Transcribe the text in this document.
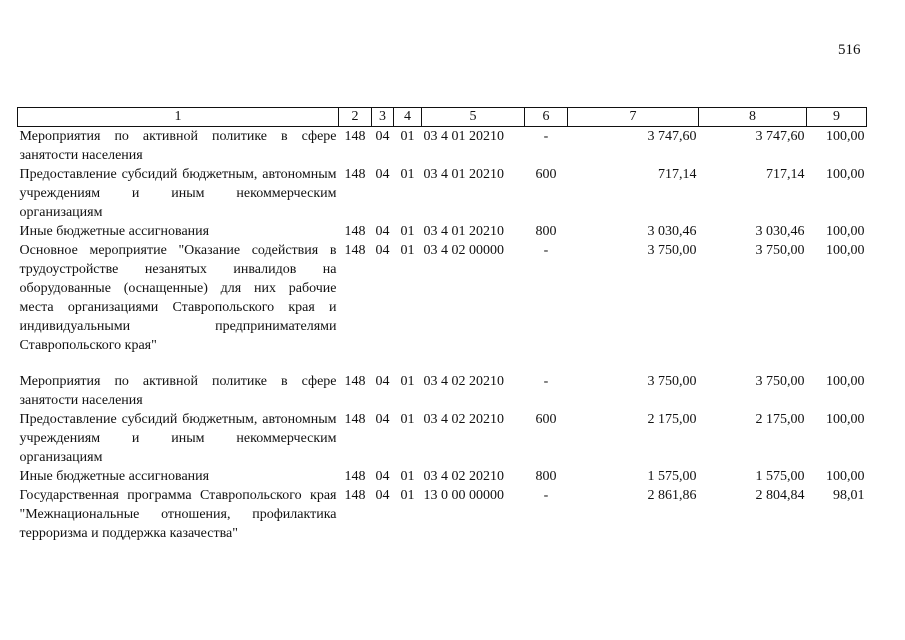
516
1	2	3	4	5	6	7	8	9
Мероприятия по активной политике в сфере занятости населения	148	04	01	03 4 01 20210	-	3 747,60	3 747,60	100,00
Предоставление субсидий бюджетным, автономным учреждениям и иным некоммерческим организациям	148	04	01	03 4 01 20210	600	717,14	717,14	100,00
Иные бюджетные ассигнования	148	04	01	03 4 01 20210	800	3 030,46	3 030,46	100,00
Основное мероприятие "Оказание содействия в трудоустройстве незанятых инвалидов на оборудованные (оснащенные) для них рабочие места организациями Ставропольского края и индивидуальными предпринимателями Ставропольского края"	148	04	01	03 4 02 00000	-	3 750,00	3 750,00	100,00

Мероприятия по активной политике в сфере занятости населения	148	04	01	03 4 02 20210	-	3 750,00	3 750,00	100,00
Предоставление субсидий бюджетным, автономным учреждениям и иным некоммерческим организациям	148	04	01	03 4 02 20210	600	2 175,00	2 175,00	100,00
Иные бюджетные ассигнования	148	04	01	03 4 02 20210	800	1 575,00	1 575,00	100,00
Государственная программа Ставропольского края "Межнациональные отношения, профилактика терроризма и поддержка казачества"	148	04	01	13 0 00 00000	-	2 861,86	2 804,84	98,01
